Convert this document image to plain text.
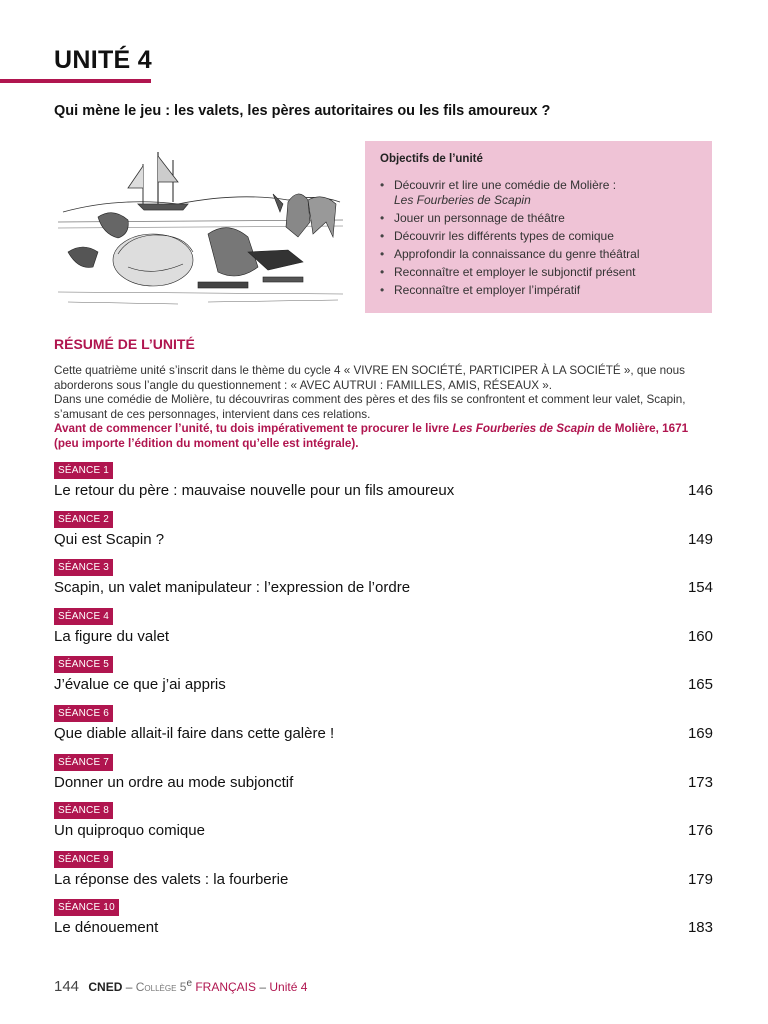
UNITÉ 4
Qui mène le jeu : les valets, les pères autoritaires ou les fils amoureux ?
Objectifs de l’unité
• Découvrir et lire une comédie de Molière :
Les Fourberies de Scapin
• Jouer un personnage de théâtre
• Découvrir les différents types de comique
• Approfondir la connaissance du genre théâtral
• Reconnaître et employer le subjonctif présent
• Reconnaître et employer l’impératif
RÉSUMÉ DE L’UNITÉ

Cette quatrième unité s’inscrit dans le thème du cycle 4 « VIVRE EN SOCIÉTÉ, PARTICIPER À LA SOCIÉTÉ », que nous aborderons sous l’angle du questionnement : « AVEC AUTRUI : FAMILLES, AMIS, RÉSEAUX ».

Dans une comédie de Molière, tu découvriras comment des pères et des fils se confrontent et comment leur valet, Scapin, s’amusant de ces personnages, intervient dans ces relations.

Avant de commencer l’unité, tu dois impérativement te procurer le livre Les Fourberies de Scapin de Molière, 1671 (peu importe l’édition du moment qu’elle est intégrale).

SÉANCE 1
Le retour du père : mauvaise nouvelle pour un fils amoureux	146
SÉANCE 2
Qui est Scapin ?	149
SÉANCE 3
Scapin, un valet manipulateur : l’expression de l’ordre	154
SÉANCE 4
La figure du valet	160
SÉANCE 5
J’évalue ce que j’ai appris	165
SÉANCE 6
Que diable allait-il faire dans cette galère !	169
SÉANCE 7
Donner un ordre au mode subjonctif	173
SÉANCE 8
Un quiproquo comique	176
SÉANCE 9
La réponse des valets : la fourberie	179
SÉANCE 10
Le dénouement	183
144 CNED – Collège 5e FRANÇAIS – Unité 4
